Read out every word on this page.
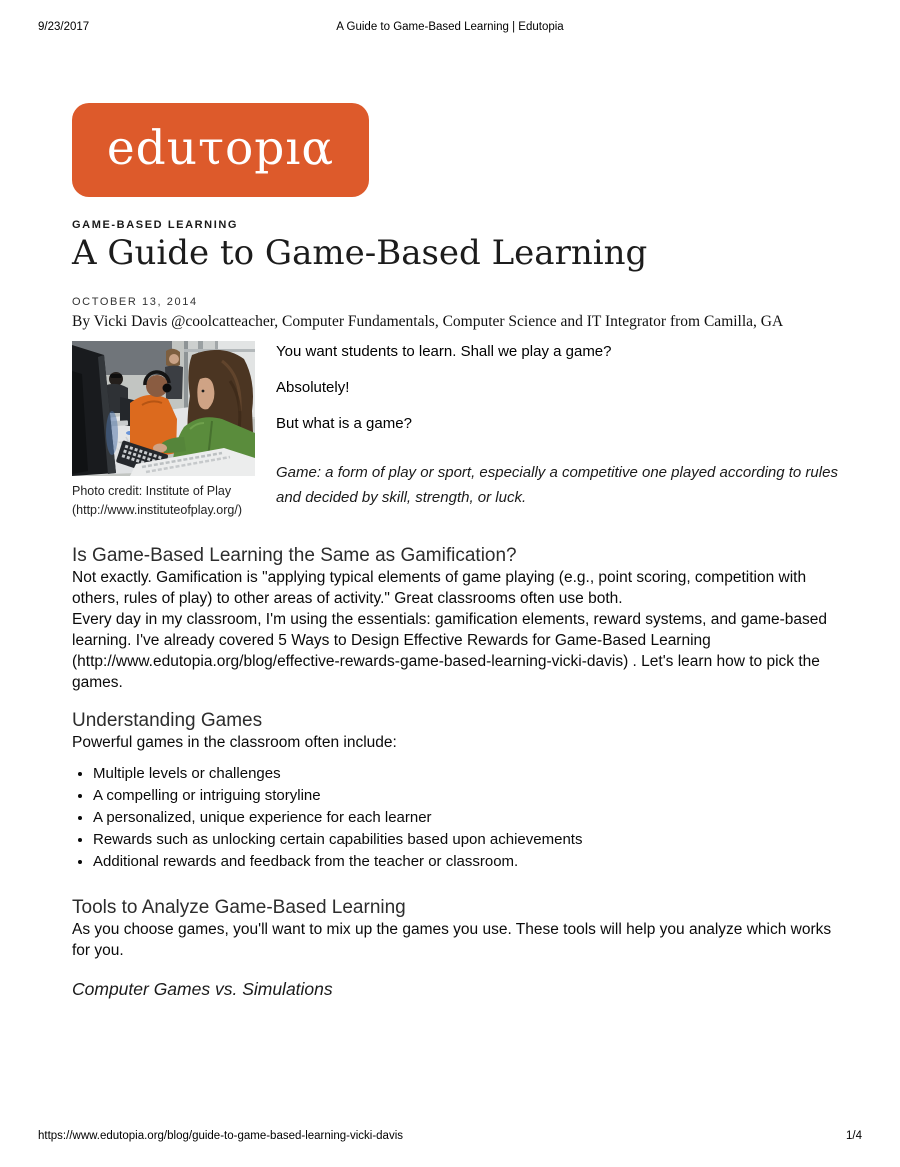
9/23/2017	A Guide to Game-Based Learning | Edutopia
eduτopıα
GAME-BASED LEARNING
A Guide to Game-Based Learning
OCTOBER 13, 2014
By Vicki Davis @coolcatteacher, Computer Fundamentals, Computer Science and IT Integrator from Camilla, GA
Photo credit: Institute of Play
(http://www.instituteofplay.org/)

You want students to learn. Shall we play a game?

Absolutely!

But what is a game?

Game: a form of play or sport, especially a competitive one played according to rules and decided by skill, strength, or luck.
Is Game-Based Learning the Same as Gamification?

Not exactly. Gamification is "applying typical elements of game playing (e.g., point scoring, competition with others, rules of play) to other areas of activity." Great classrooms often use both.

Every day in my classroom, I'm using the essentials: gamification elements, reward systems, and game-based learning. I've already covered 5 Ways to Design Effective Rewards for Game-Based Learning (http://www.edutopia.org/blog/effective-rewards-game-based-learning-vicki-davis) . Let's learn how to pick the games.

Understanding Games

Powerful games in the classroom often include:

• Multiple levels or challenges
• A compelling or intriguing storyline
• A personalized, unique experience for each learner
• Rewards such as unlocking certain capabilities based upon achievements
• Additional rewards and feedback from the teacher or classroom.
Tools to Analyze Game-Based Learning

As you choose games, you'll want to mix up the games you use. These tools will help you analyze which works for you.

Computer Games vs. Simulations
https://www.edutopia.org/blog/guide-to-game-based-learning-vicki-davis	1/4
